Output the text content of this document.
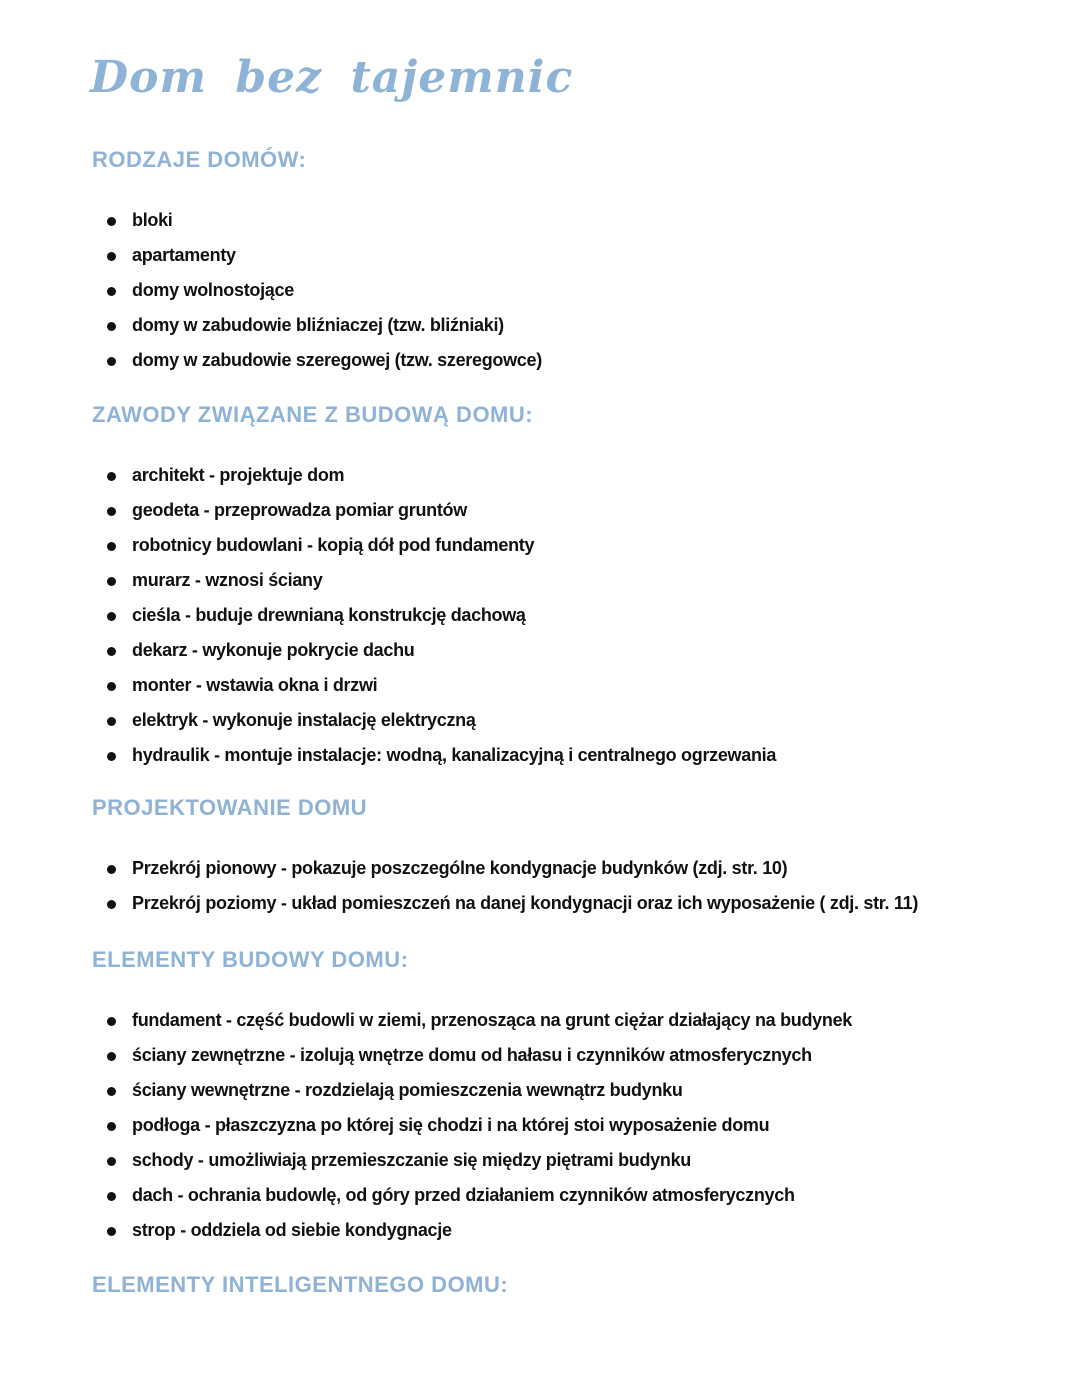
Dom bez tajemnic
RODZAJE DOMÓW:
bloki
apartamenty
domy wolnostojące
domy w zabudowie bliźniaczej (tzw. bliźniaki)
domy w zabudowie szeregowej (tzw. szeregowce)
ZAWODY ZWIĄZANE Z BUDOWĄ DOMU:
architekt - projektuje dom
geodeta - przeprowadza pomiar gruntów
robotnicy budowlani - kopią dół pod fundamenty
murarz - wznosi ściany
cieśla - buduje drewnianą konstrukcję dachową
dekarz - wykonuje pokrycie dachu
monter - wstawia okna i drzwi
elektryk - wykonuje instalację elektryczną
hydraulik - montuje instalacje: wodną, kanalizacyjną i centralnego ogrzewania
PROJEKTOWANIE DOMU
Przekrój pionowy - pokazuje poszczególne kondygnacje budynków (zdj. str. 10)
Przekrój poziomy - układ pomieszczeń na danej kondygnacji oraz ich wyposażenie ( zdj. str. 11)
ELEMENTY BUDOWY DOMU:
fundament - część budowli w ziemi, przenosząca na grunt ciężar działający na budynek
ściany zewnętrzne - izolują wnętrze domu od hałasu i czynników atmosferycznych
ściany wewnętrzne - rozdzielają pomieszczenia wewnątrz budynku
podłoga - płaszczyzna po której się chodzi i na której stoi wyposażenie domu
schody - umożliwiają przemieszczanie się między piętrami budynku
dach - ochrania budowlę, od góry przed działaniem czynników atmosferycznych
strop - oddziela od siebie kondygnacje
ELEMENTY INTELIGENTNEGO DOMU:
